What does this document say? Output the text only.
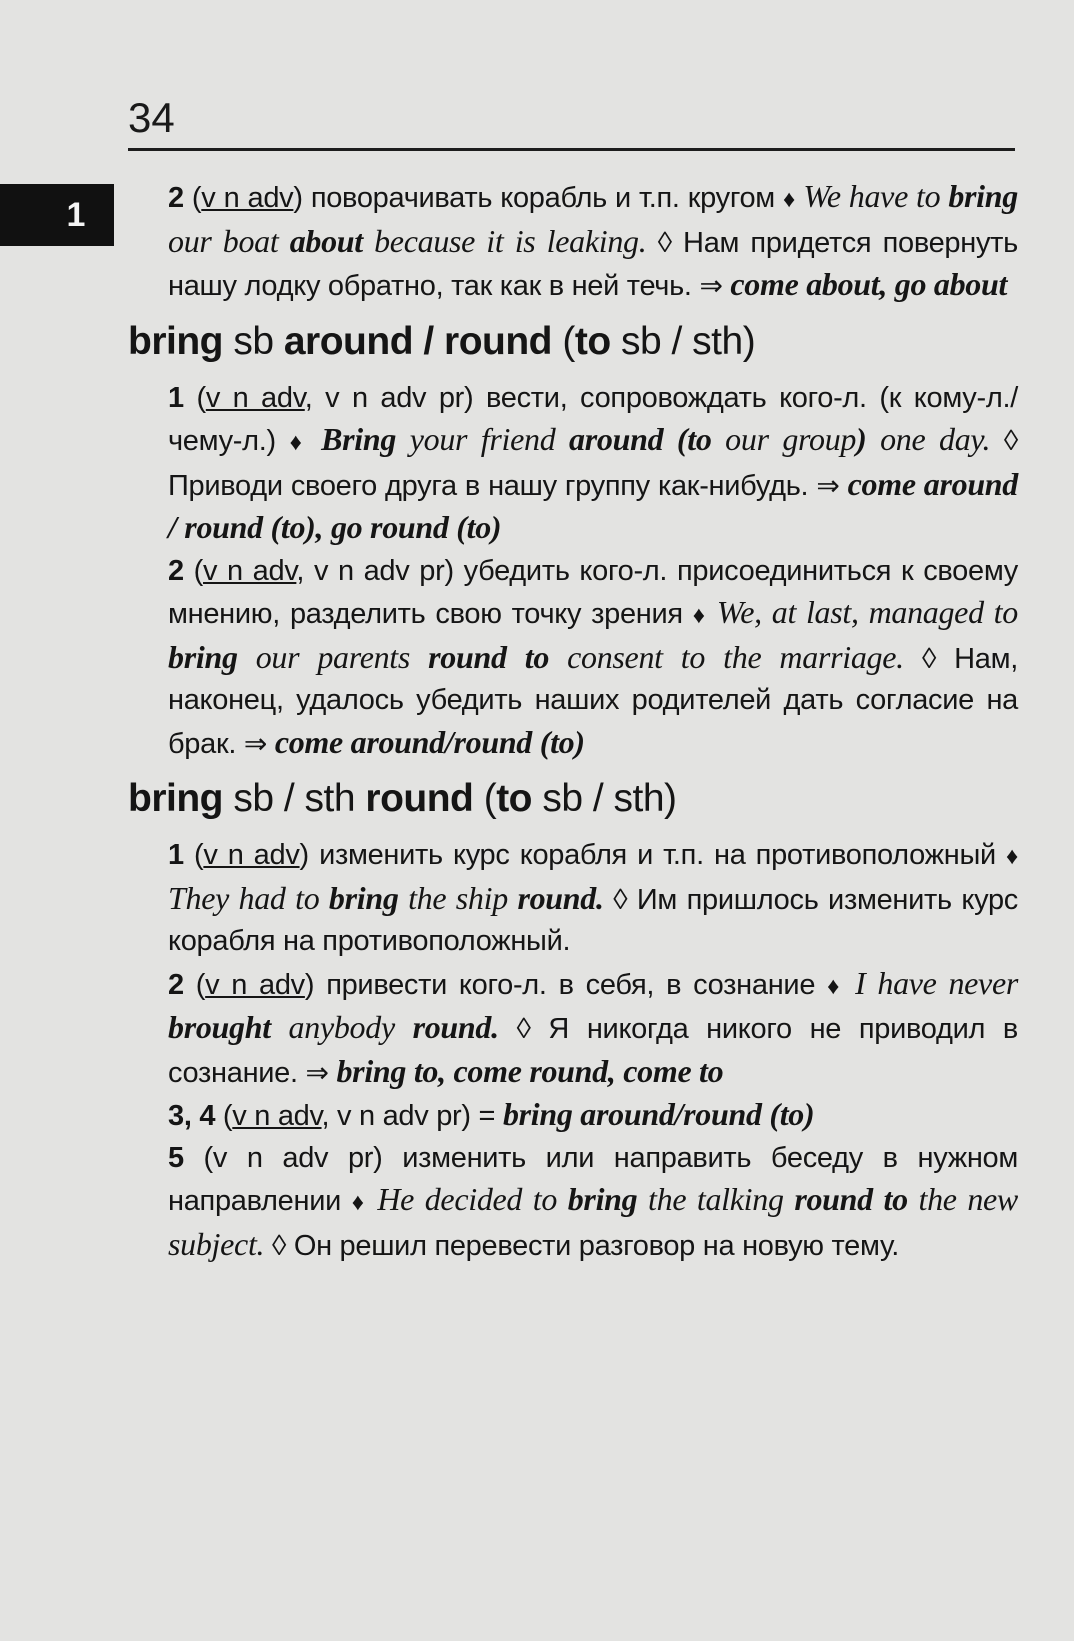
34
1	2 (v n adv) поворачивать корабль и т.п. кругом ♦ We have to bring our boat about because it is leaking. ◊ Нам придется повернуть нашу лодку обратно, так как в ней течь. ⇒ come about, go about
bring sb around / round (to sb / sth)
1 (v n adv, v n adv pr) вести, сопровождать кого-л. (к кому-л./чему-л.) ♦ Bring your friend around (to our group) one day. ◊ Приводи своего друга в нашу группу как-нибудь. ⇒ come around / round (to), go round (to)
2 (v n adv, v n adv pr) убедить кого-л. присоединиться к своему мнению, разделить свою точку зрения ♦ We, at last, managed to bring our parents round to consent to the marriage. ◊ Нам, наконец, удалось убедить наших родителей дать согласие на брак. ⇒ come around/round (to)
bring sb / sth round (to sb / sth)
1 (v n adv) изменить курс корабля и т.п. на противоположный ♦ They had to bring the ship round. ◊ Им пришлось изменить курс корабля на противоположный.
2 (v n adv) привести кого-л. в себя, в сознание ♦ I have never brought anybody round. ◊ Я никогда никого не приводил в сознание. ⇒ bring to, come round, come to
3, 4 (v n adv, v n adv pr) = bring around/round (to)
5 (v n adv pr) изменить или направить беседу в нужном направлении ♦ He decided to bring the talking round to the new subject. ◊ Он решил перевести разговор на новую тему.
